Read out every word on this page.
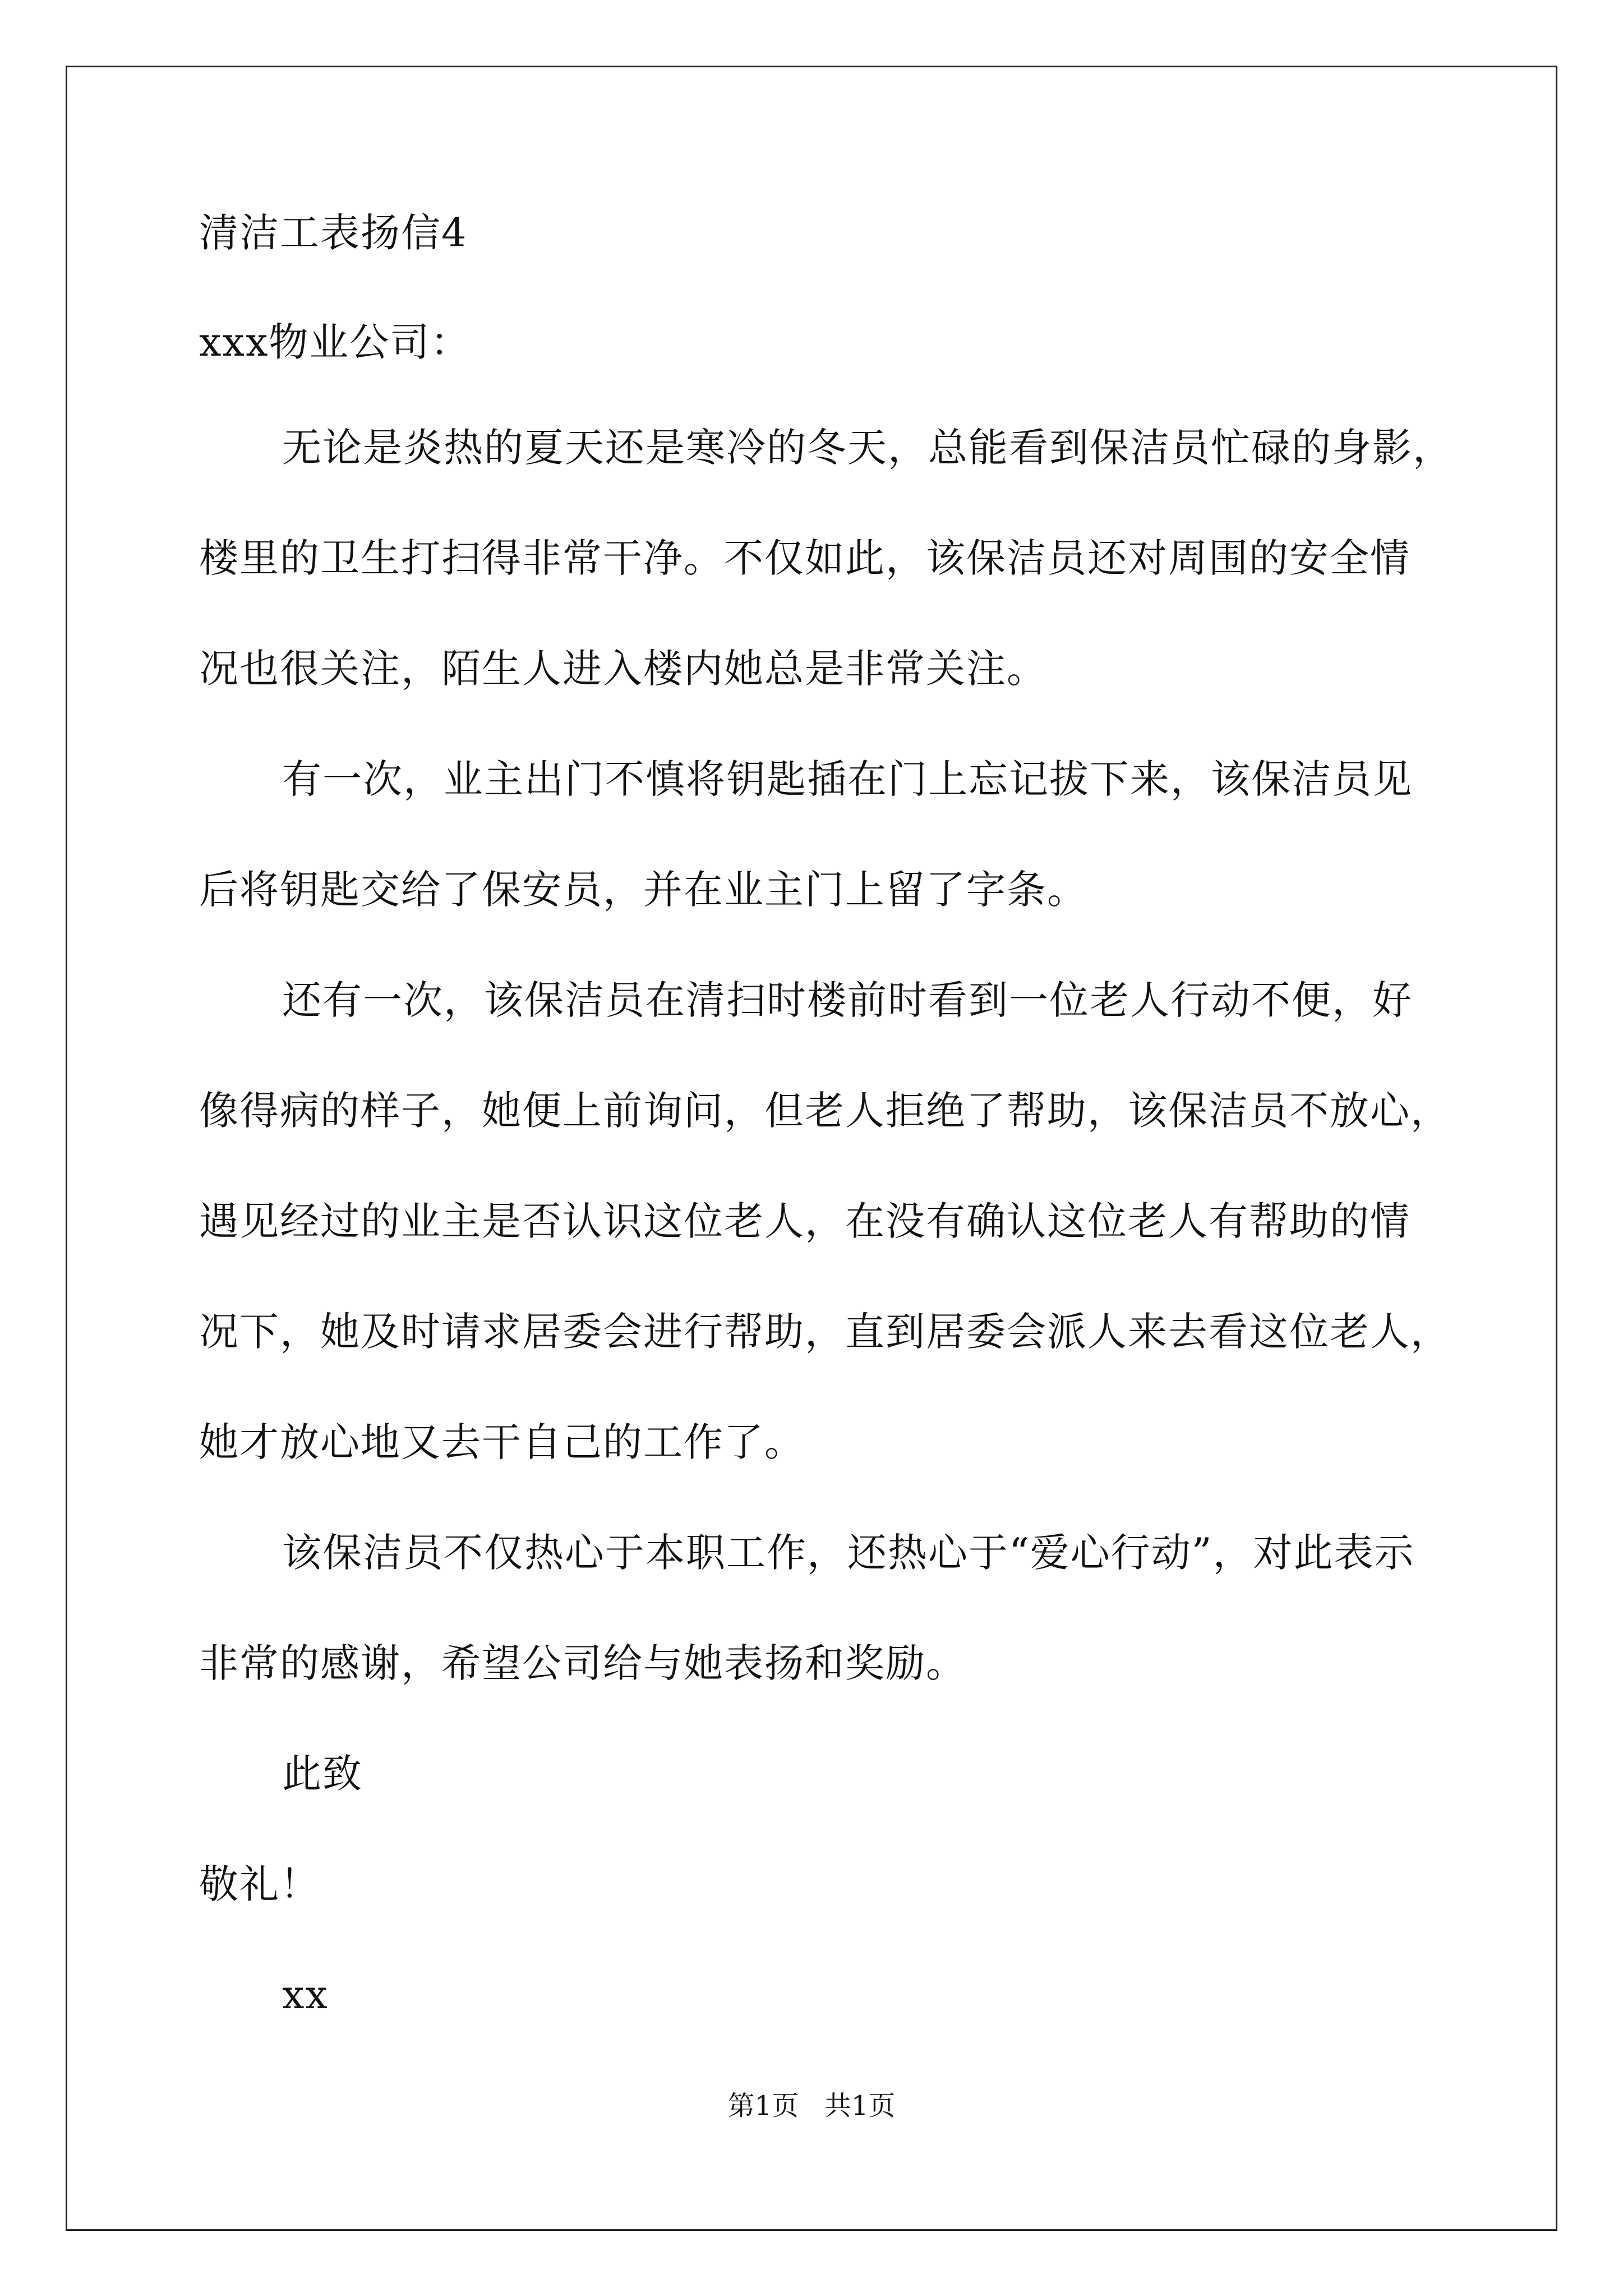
清洁工表扬信4
xxx物业公司：
无论是炎热的夏天还是寒冷的冬天，总能看到保洁员忙碌的身影，
楼里的卫生打扫得非常干净。不仅如此，该保洁员还对周围的安全情
况也很关注，陌生人进入楼内她总是非常关注。
有一次，业主出门不慎将钥匙插在门上忘记拔下来，该保洁员见
后将钥匙交给了保安员，并在业主门上留了字条。
还有一次，该保洁员在清扫时楼前时看到一位老人行动不便，好
像得病的样子，她便上前询问，但老人拒绝了帮助，该保洁员不放心，
遇见经过的业主是否认识这位老人，在没有确认这位老人有帮助的情
况下，她及时请求居委会进行帮助，直到居委会派人来去看这位老人，
她才放心地又去干自己的工作了。
该保洁员不仅热心于本职工作，还热心于“爱心行动”，对此表示
非常的感谢，希望公司给与她表扬和奖励。
此致
敬礼！
xx
第1页   共1页
